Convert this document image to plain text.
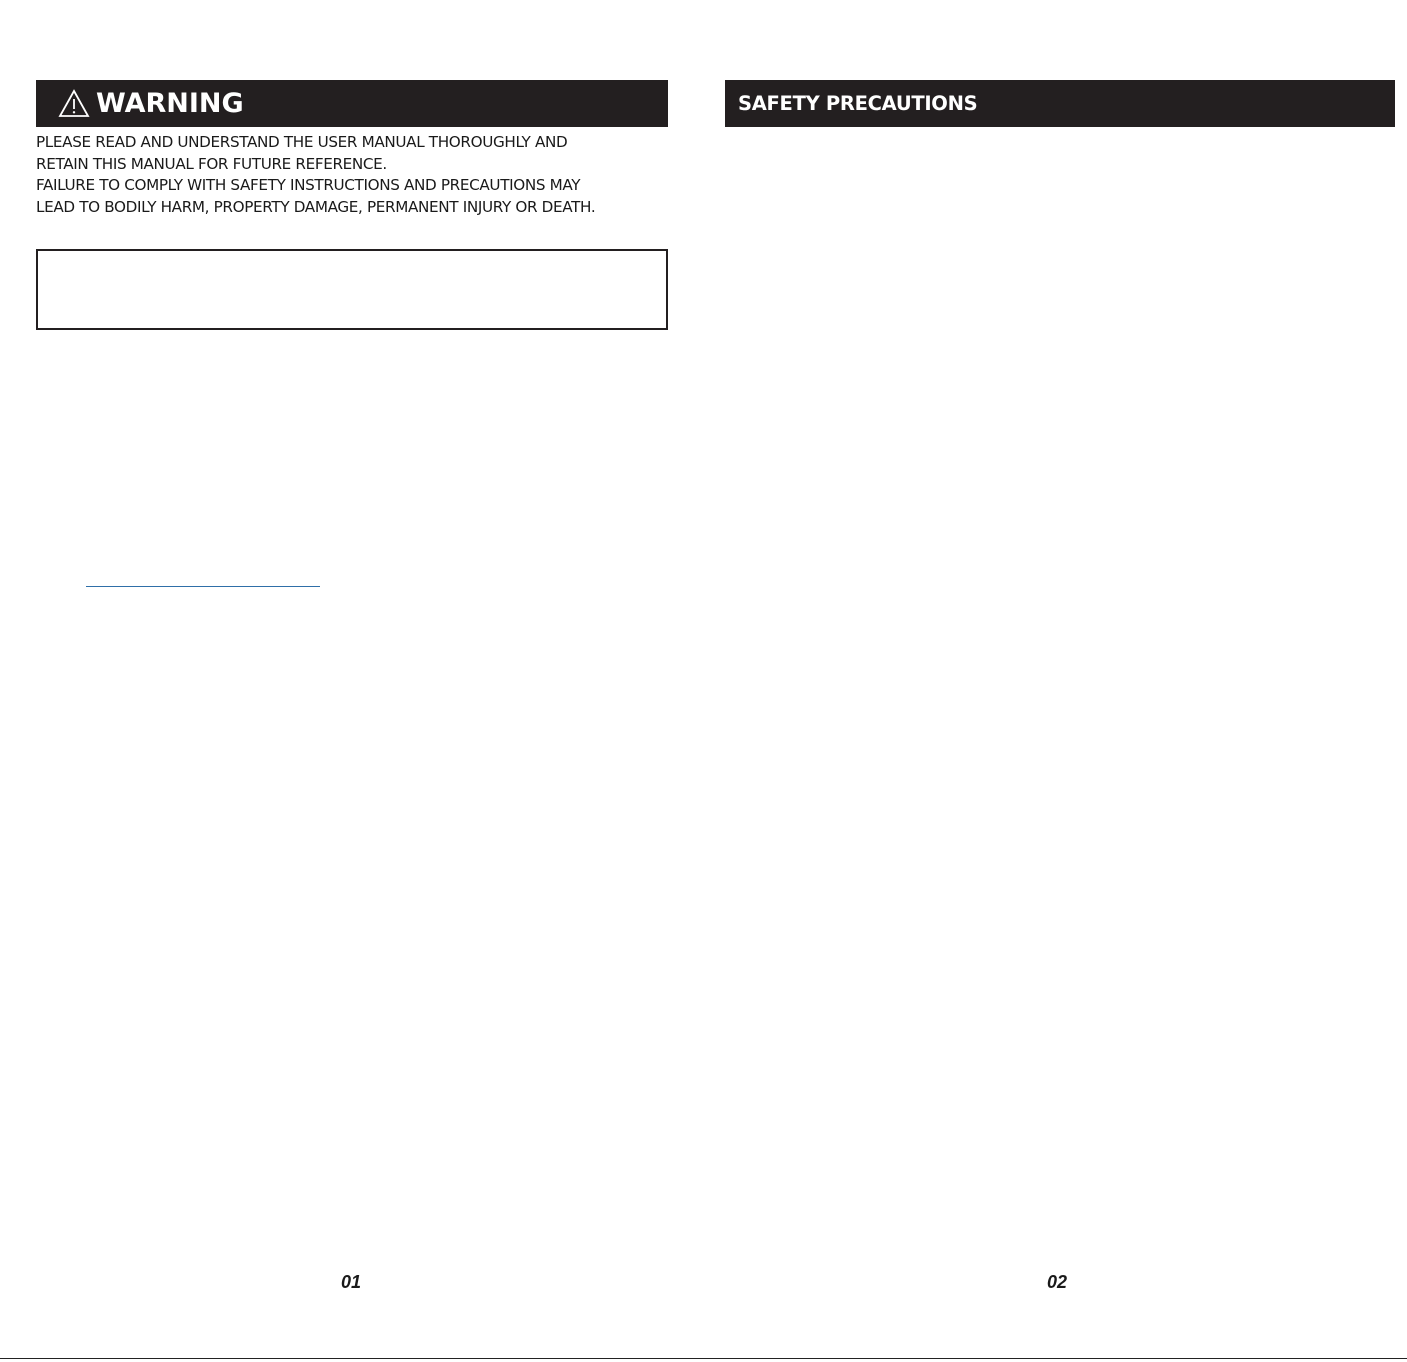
WARNING
PLEASE READ AND UNDERSTAND THE USER MANUAL THOROUGHLY AND
RETAIN THIS MANUAL FOR FUTURE REFERENCE.
FAILURE TO COMPLY WITH SAFETY INSTRUCTIONS AND PRECAUTIONS MAY
LEAD TO BODILY HARM, PROPERTY DAMAGE, PERMANENT INJURY OR DEATH.
SAFETY PRECAUTIONS
01	02
